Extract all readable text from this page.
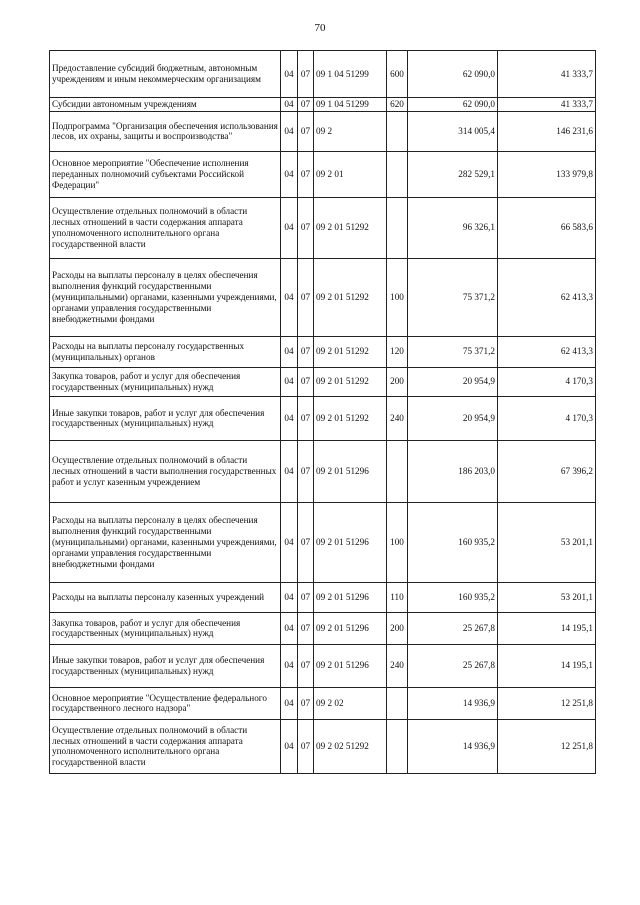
70
Предоставление субсидий бюджетным, автономным учреждениям и иным некоммерческим организациям	04	07	09 1 04 51299	600	62 090,0	41 333,7
Субсидии автономным учреждениям	04	07	09 1 04 51299	620	62 090,0	41 333,7
Подпрограмма "Организация обеспечения использования лесов, их охраны, защиты и воспроизводства"	04	07	09 2		314 005,4	146 231,6
Основное мероприятие "Обеспечение исполнения переданных полномочий субъектами Российской Федерации"	04	07	09 2 01		282 529,1	133 979,8
Осуществление отдельных полномочий в области лесных отношений в части содержания аппарата уполномоченного исполнительного органа государственной власти	04	07	09 2 01 51292		96 326,1	66 583,6
Расходы на выплаты персоналу в целях обеспечения выполнения функций государственными (муниципальными) органами, казенными учреждениями, органами управления государственными внебюджетными фондами	04	07	09 2 01 51292	100	75 371,2	62 413,3
Расходы на выплаты персоналу государственных (муниципальных) органов	04	07	09 2 01 51292	120	75 371,2	62 413,3
Закупка товаров, работ и услуг для обеспечения государственных (муниципальных) нужд	04	07	09 2 01 51292	200	20 954,9	4 170,3
Иные закупки товаров, работ и услуг для обеспечения государственных (муниципальных) нужд	04	07	09 2 01 51292	240	20 954,9	4 170,3
Осуществление отдельных полномочий в области лесных отношений в части выполнения государственных работ и услуг казенным учреждением	04	07	09 2 01 51296		186 203,0	67 396,2
Расходы на выплаты персоналу в целях обеспечения выполнения функций государственными (муниципальными) органами, казенными учреждениями, органами управления государственными внебюджетными фондами	04	07	09 2 01 51296	100	160 935,2	53 201,1
Расходы на выплаты персоналу казенных учреждений	04	07	09 2 01 51296	110	160 935,2	53 201,1
Закупка товаров, работ и услуг для обеспечения государственных (муниципальных) нужд	04	07	09 2 01 51296	200	25 267,8	14 195,1
Иные закупки товаров, работ и услуг для обеспечения государственных (муниципальных) нужд	04	07	09 2 01 51296	240	25 267,8	14 195,1
Основное мероприятие "Осуществление федерального государственного лесного надзора"	04	07	09 2 02		14 936,9	12 251,8
Осуществление отдельных полномочий в области лесных отношений в части содержания аппарата уполномоченного исполнительного органа государственной власти	04	07	09 2 02 51292		14 936,9	12 251,8
